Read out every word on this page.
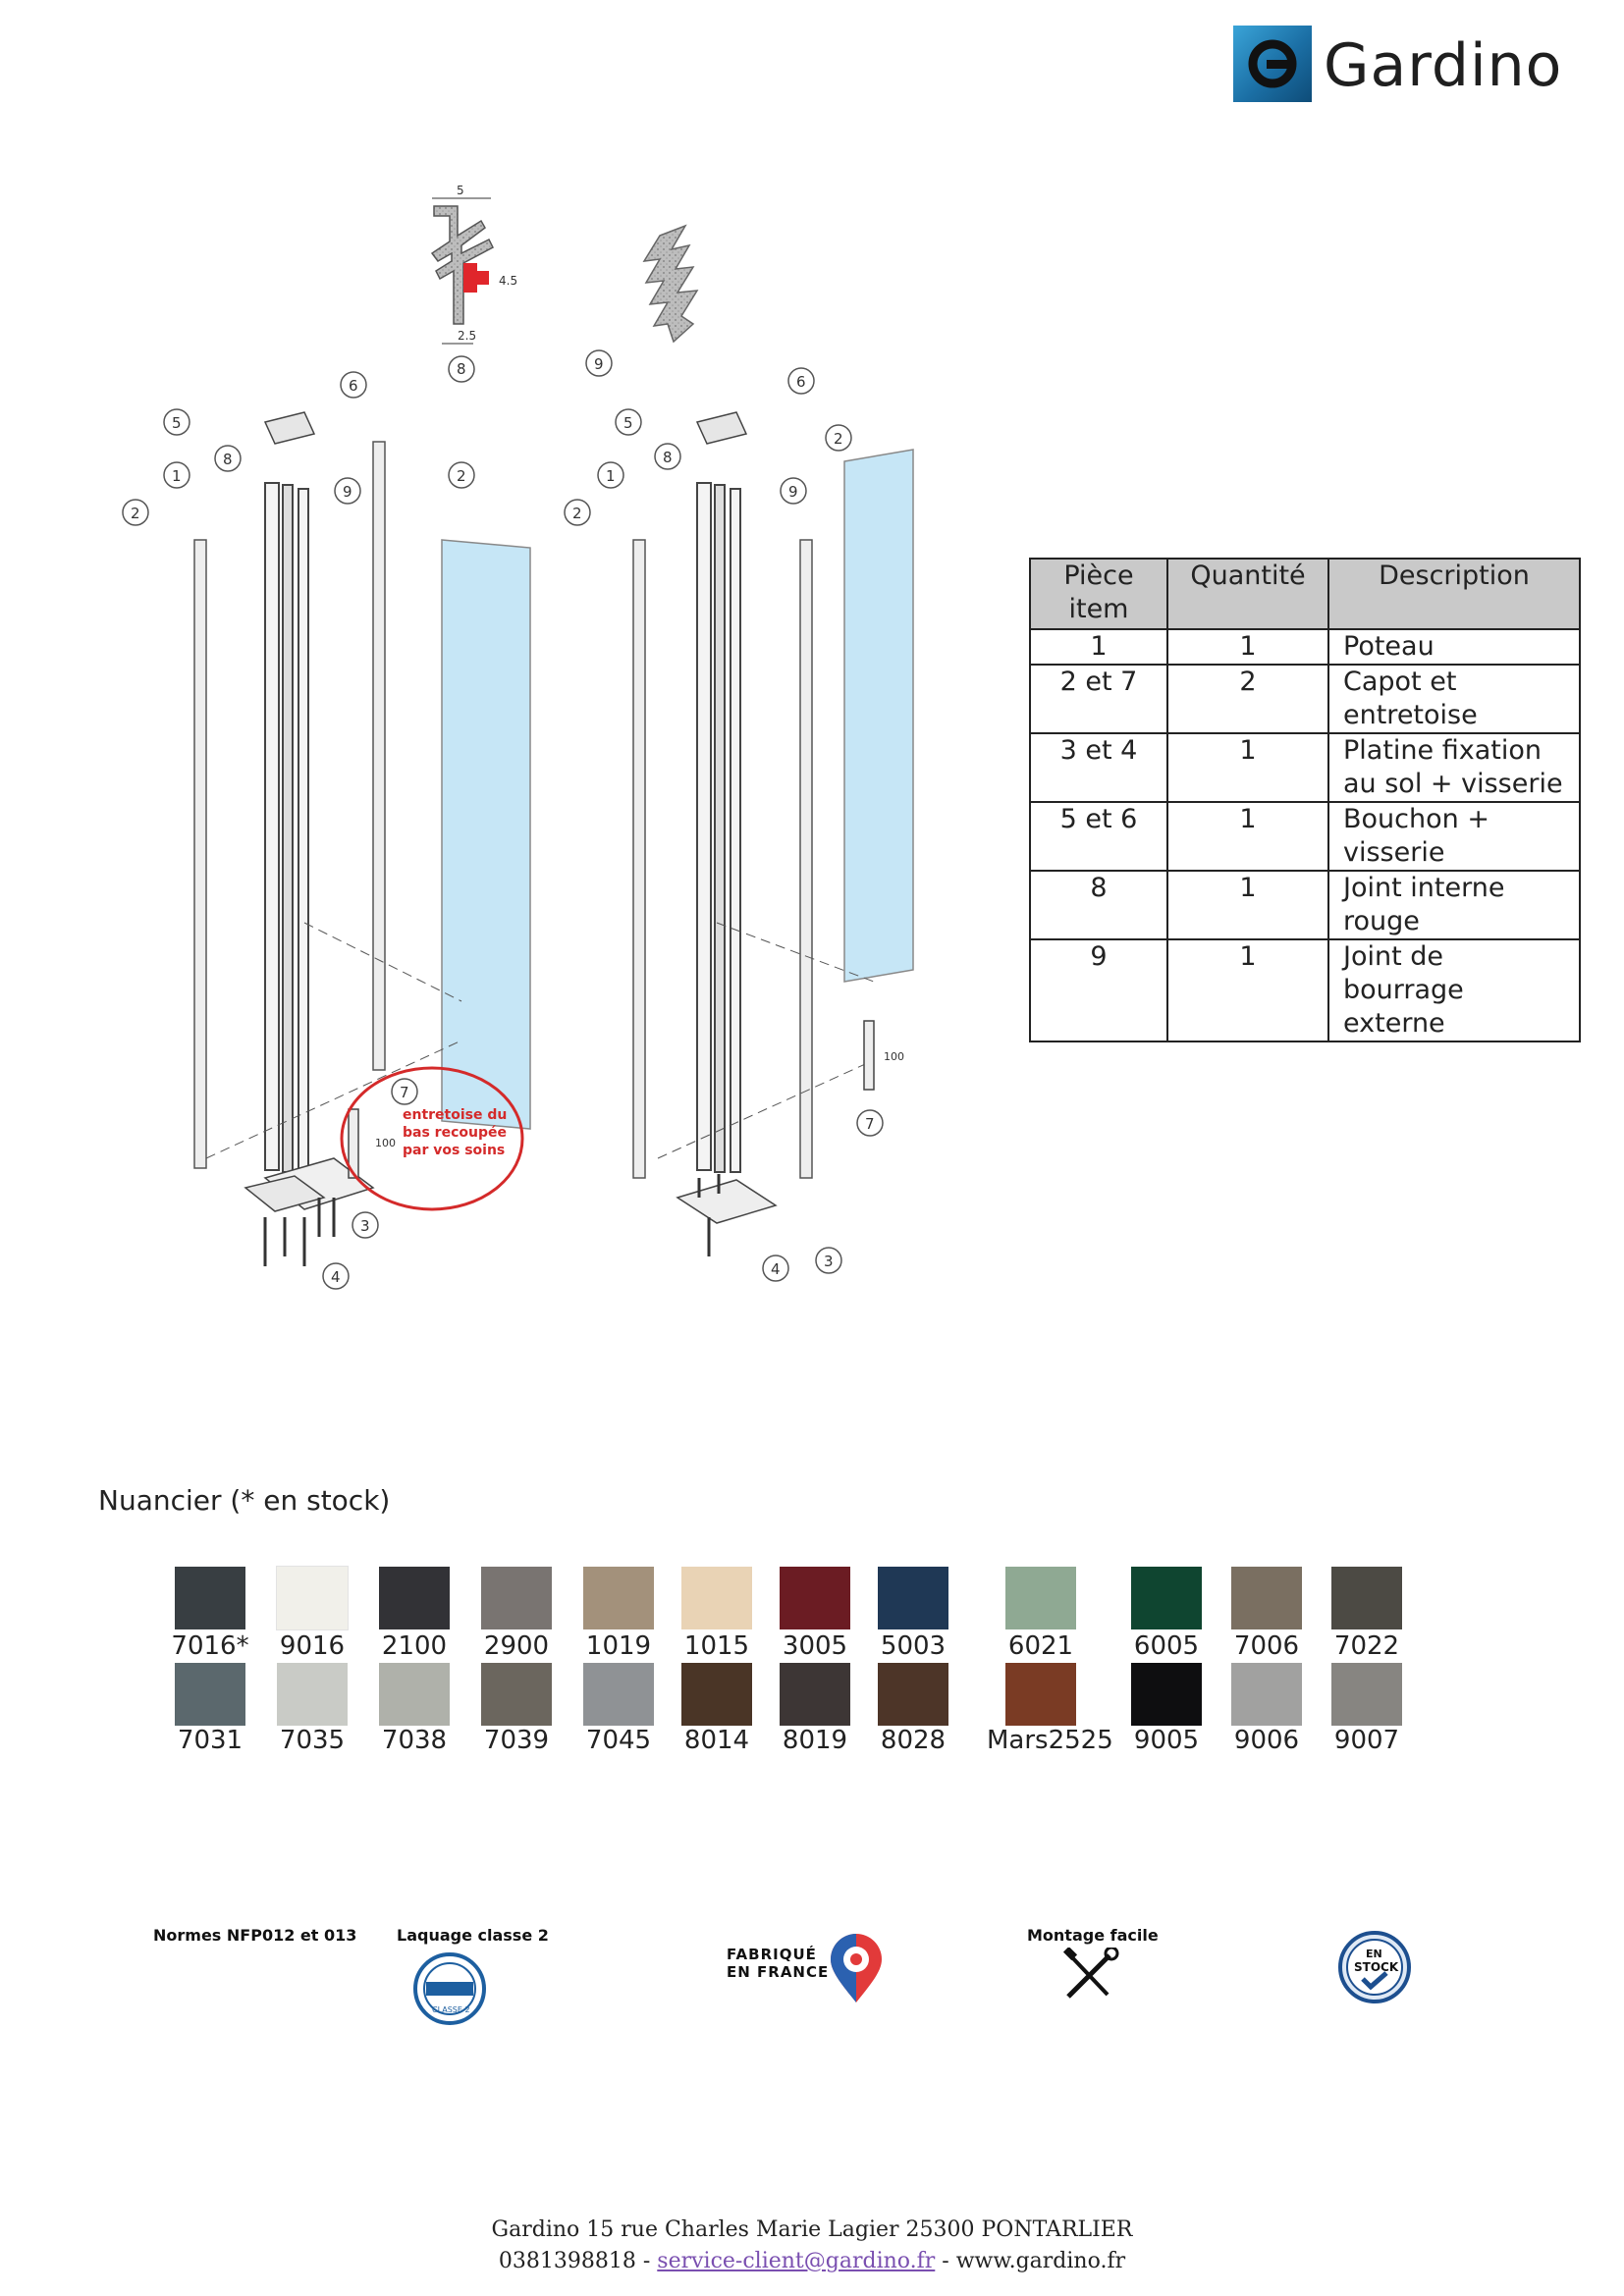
Gardino
5
4.5
2.5
8
entretoise du
bas recoupée
par vos soins
100
100
5
6
1
8
9
2
2
7
3
4
9
5
6
1
8
9
2
2
7
3
4
Pièce
item	Quantité	Description
1	1	Poteau
2 et 7	2	Capot et
entretoise
3 et 4	1	Platine fixation
au sol + visserie
5 et 6	1	Bouchon +
visserie
8	1	Joint interne
rouge
9	1	Joint de
bourrage
externe
Nuancier (* en stock)
7016*	9016	2100	2900	1019	1015	3005	5003	6021	6005	7006	7022
7031	7035	7038	7039	7045	8014	8019	8028	Mars2525 9005	9006	9007
Normes NFP012 et 013	Laquage classe 2
CLASSE 2
FABRIQUÉ
EN FRANCE
Montage facile
EN
STOCK
Gardino 15 rue Charles Marie Lagier 25300 PONTARLIER
0381398818 - service-client@gardino.fr - www.gardino.fr
